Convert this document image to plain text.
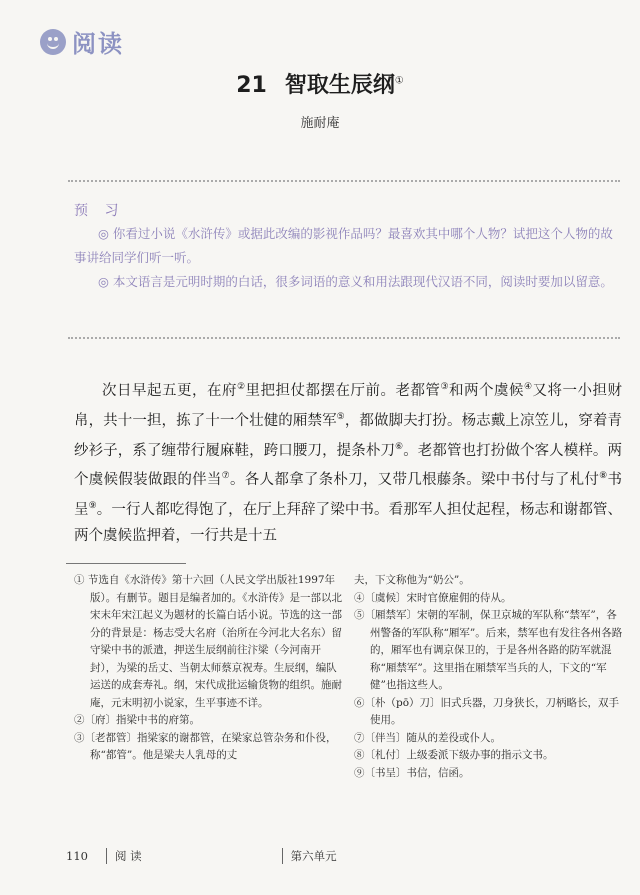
阅读
21 智取生辰纲①
施耐庵
预 习

◎ 你看过小说《水浒传》或据此改编的影视作品吗？最喜欢其中哪个人物？试把这个人物的故事讲给同学们听一听。

◎ 本文语言是元明时期的白话，很多词语的意义和用法跟现代汉语不同，阅读时要加以留意。

次日早起五更，在府②里把担仗都摆在厅前。老都管③和两个虞候④又将一小担财帛，共十一担，拣了十一个壮健的厢禁军⑤，都做脚夫打扮。杨志戴上凉笠儿，穿着青纱衫子，系了缠带行履麻鞋，跨口腰刀，提条朴刀⑥。老都管也打扮做个客人模样。两个虞候假装做跟的伴当⑦。各人都拿了条朴刀，又带几根藤条。梁中书付与了札付⑧书呈⑨。一行人都吃得饱了，在厅上拜辞了梁中书。看那军人担仗起程，杨志和谢都管、两个虞候监押着，一行共是十五

① 节选自《水浒传》第十六回（人民文学出版社1997年版）。有删节。题目是编者加的。《水浒传》是一部以北宋末年宋江起义为题材的长篇白话小说。节选的这一部分的背景是：杨志受大名府（治所在今河北大名东）留守梁中书的派遣，押送生辰纲前往汴梁（今河南开封），为梁的岳丈、当朝太师蔡京祝寿。生辰纲，编队运送的成套寿礼。纲，宋代成批运输货物的组织。施耐庵，元末明初小说家，生平事迹不详。
②〔府〕指梁中书的府第。
③〔老都管〕指梁家的谢都管，在梁家总管杂务和仆役，称“都管”。他是梁夫人乳母的丈
夫，下文称他为“奶公”。
④〔虞候〕宋时官僚雇佣的侍从。
⑤〔厢禁军〕宋朝的军制，保卫京城的军队称“禁军”，各州警备的军队称“厢军”。后来，禁军也有发往各州各路的，厢军也有调京保卫的，于是各州各路的防军就混称“厢禁军”。这里指在厢禁军当兵的人，下文的“军健”也指这些人。
⑥〔朴（pō）刀〕旧式兵器，刀身狭长，刀柄略长，双手使用。
⑦〔伴当〕随从的差役或仆人。
⑧〔札付〕上级委派下级办事的指示文书。
⑨〔书呈〕书信，信函。
110 阅 读	第六单元
